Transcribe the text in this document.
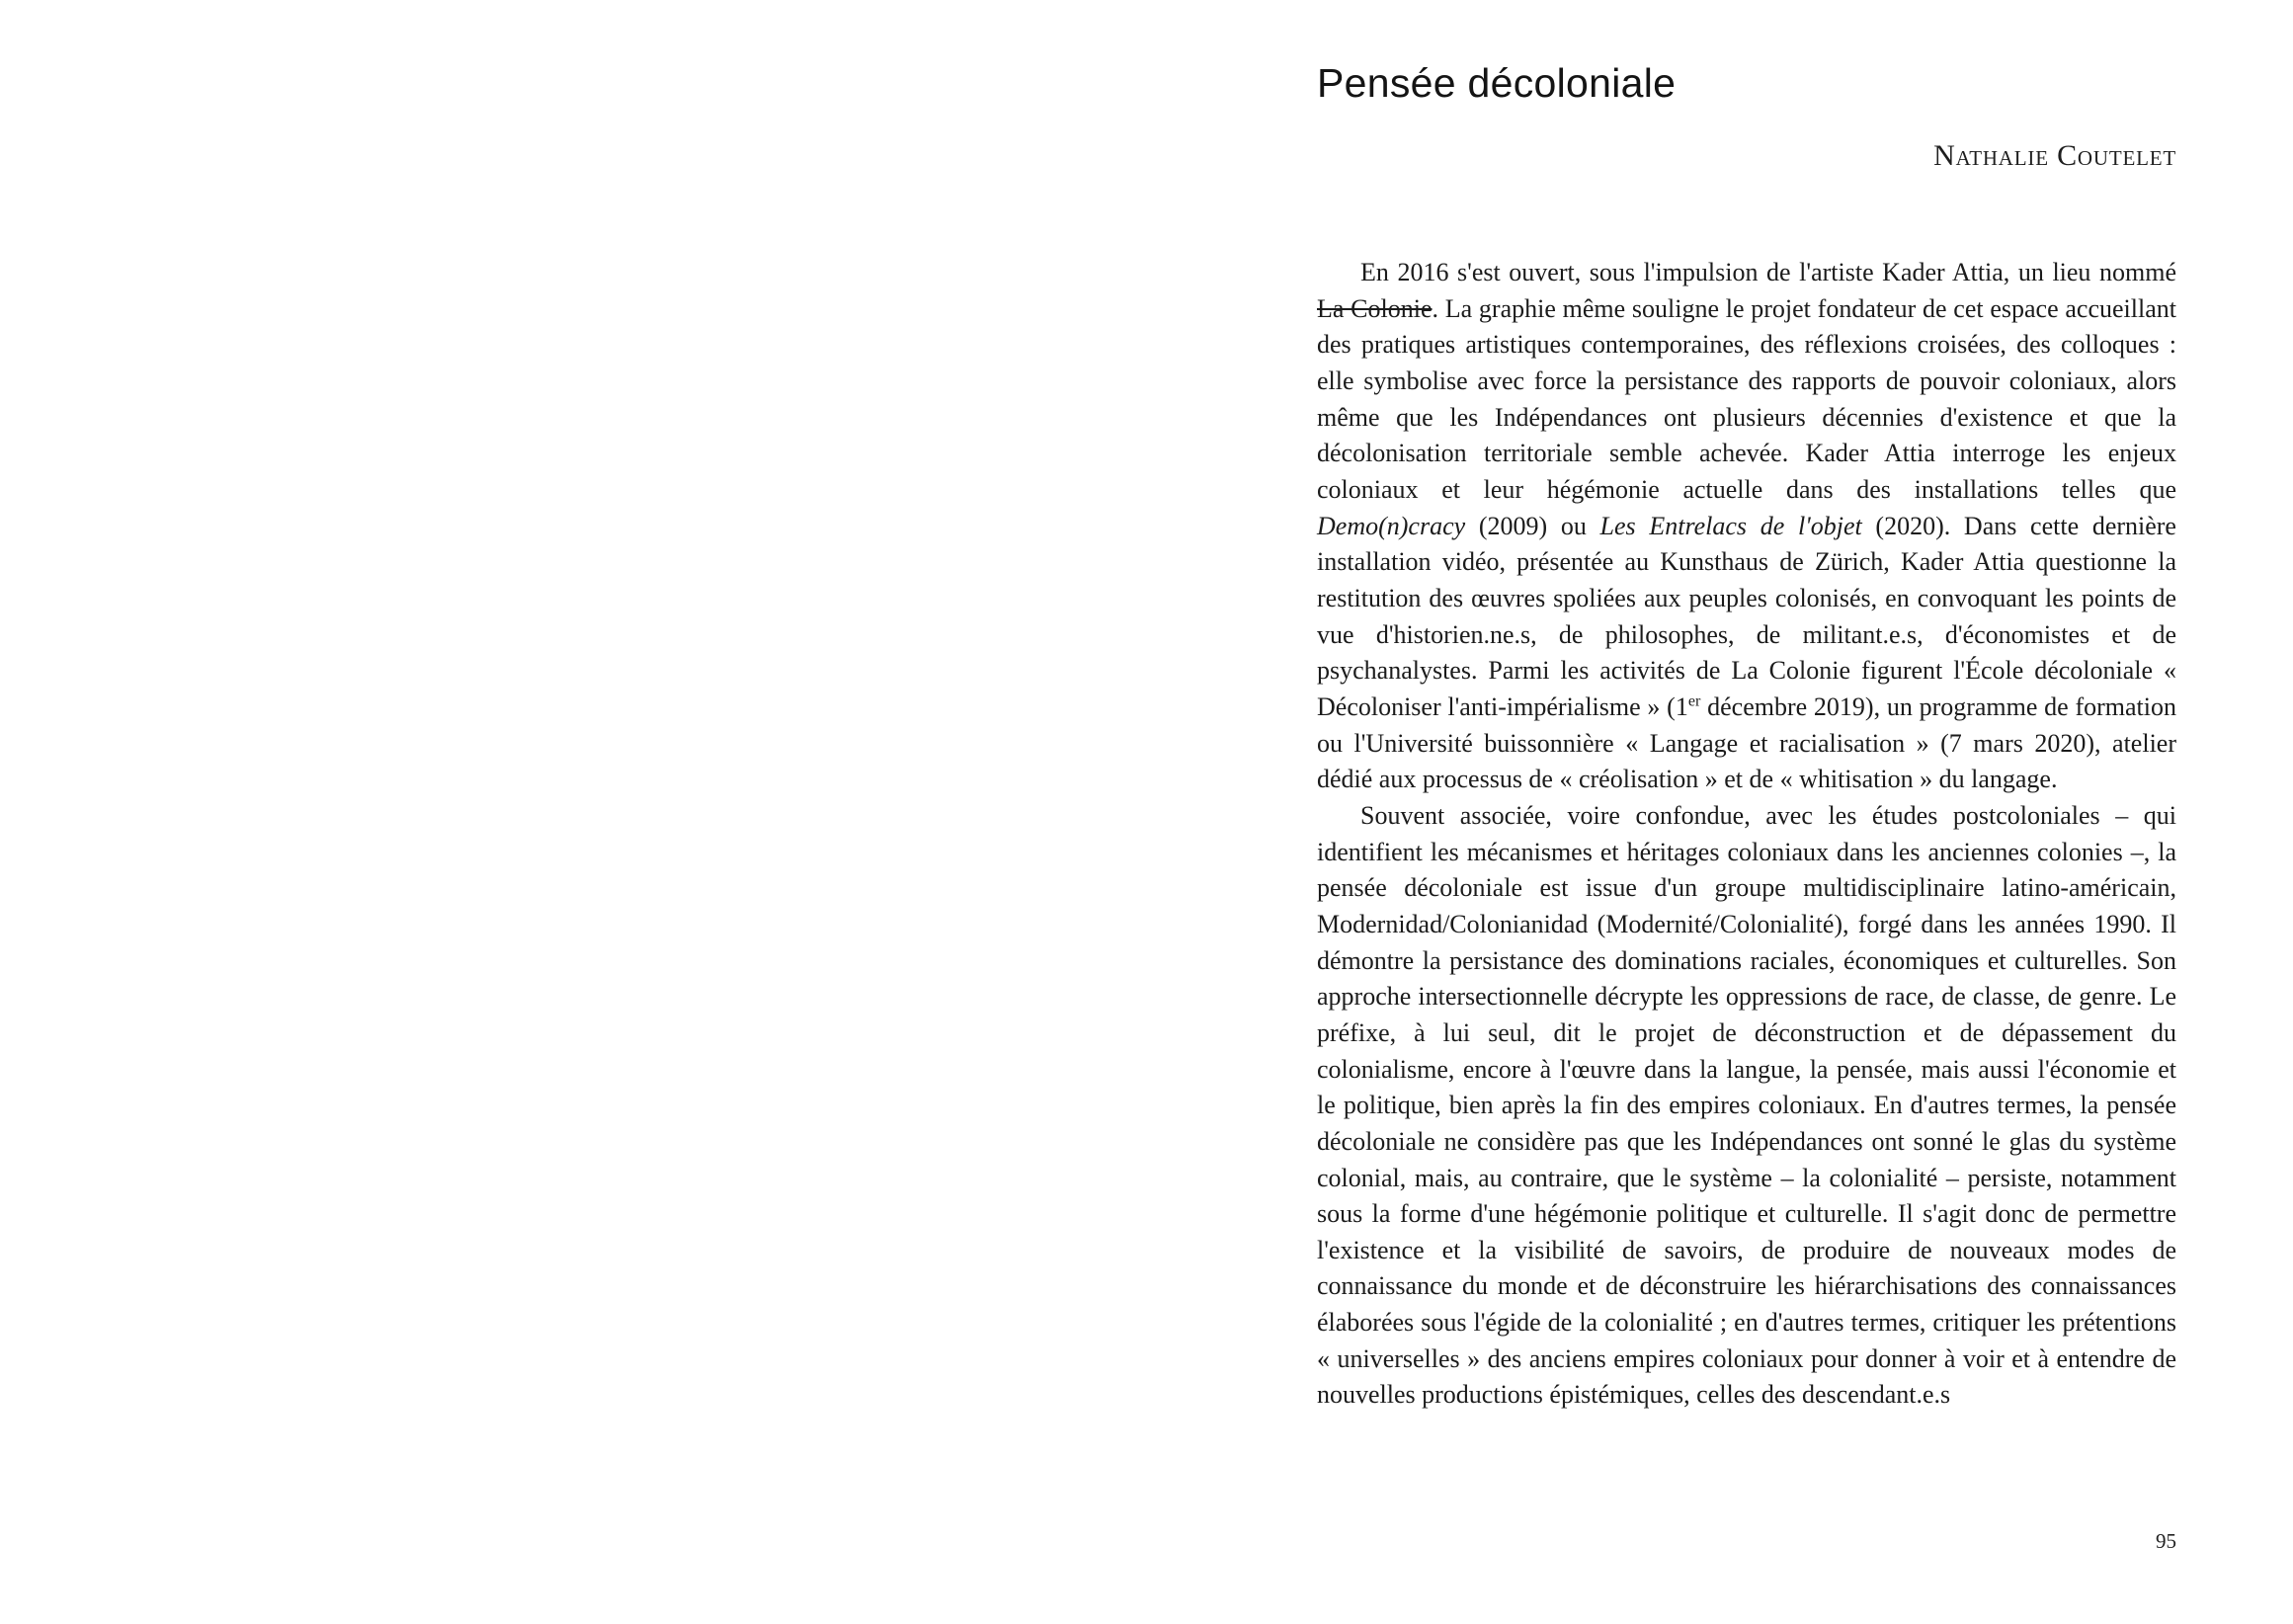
Pensée décoloniale
Nathalie Coutelet

En 2016 s'est ouvert, sous l'impulsion de l'artiste Kader Attia, un lieu nommé La Colonie. La graphie même souligne le projet fondateur de cet espace accueillant des pratiques artistiques contemporaines, des réflexions croisées, des colloques : elle symbolise avec force la persistance des rapports de pouvoir coloniaux, alors même que les Indépendances ont plusieurs décennies d'existence et que la décolonisation territoriale semble achevée. Kader Attia interroge les enjeux coloniaux et leur hégémonie actuelle dans des installations telles que Demo(n)cracy (2009) ou Les Entrelacs de l'objet (2020). Dans cette dernière installation vidéo, présentée au Kunsthaus de Zürich, Kader Attia questionne la restitution des œuvres spoliées aux peuples colonisés, en convoquant les points de vue d'historien.ne.s, de philosophes, de militant.e.s, d'économistes et de psychanalystes. Parmi les activités de La Colonie figurent l'École décoloniale « Décoloniser l'anti-impérialisme » (1er décembre 2019), un programme de formation ou l'Université buissonnière « Langage et racialisation » (7 mars 2020), atelier dédié aux processus de « créolisation » et de « whitisation » du langage.

Souvent associée, voire confondue, avec les études postcoloniales – qui identifient les mécanismes et héritages coloniaux dans les anciennes colonies –, la pensée décoloniale est issue d'un groupe multidisciplinaire latino-américain, Modernidad/Colonianidad (Modernité/Colonialité), forgé dans les années 1990. Il démontre la persistance des dominations raciales, économiques et culturelles. Son approche intersectionnelle décrypte les oppressions de race, de classe, de genre. Le préfixe, à lui seul, dit le projet de déconstruction et de dépassement du colonialisme, encore à l'œuvre dans la langue, la pensée, mais aussi l'économie et le politique, bien après la fin des empires coloniaux. En d'autres termes, la pensée décoloniale ne considère pas que les Indépendances ont sonné le glas du système colonial, mais, au contraire, que le système – la colonialité – persiste, notamment sous la forme d'une hégémonie politique et culturelle. Il s'agit donc de permettre l'existence et la visibilité de savoirs, de produire de nouveaux modes de connaissance du monde et de déconstruire les hiérarchisations des connaissances élaborées sous l'égide de la colonialité ; en d'autres termes, critiquer les prétentions « universelles » des anciens empires coloniaux pour donner à voir et à entendre de nouvelles productions épistémiques, celles des descendant.e.s

95
